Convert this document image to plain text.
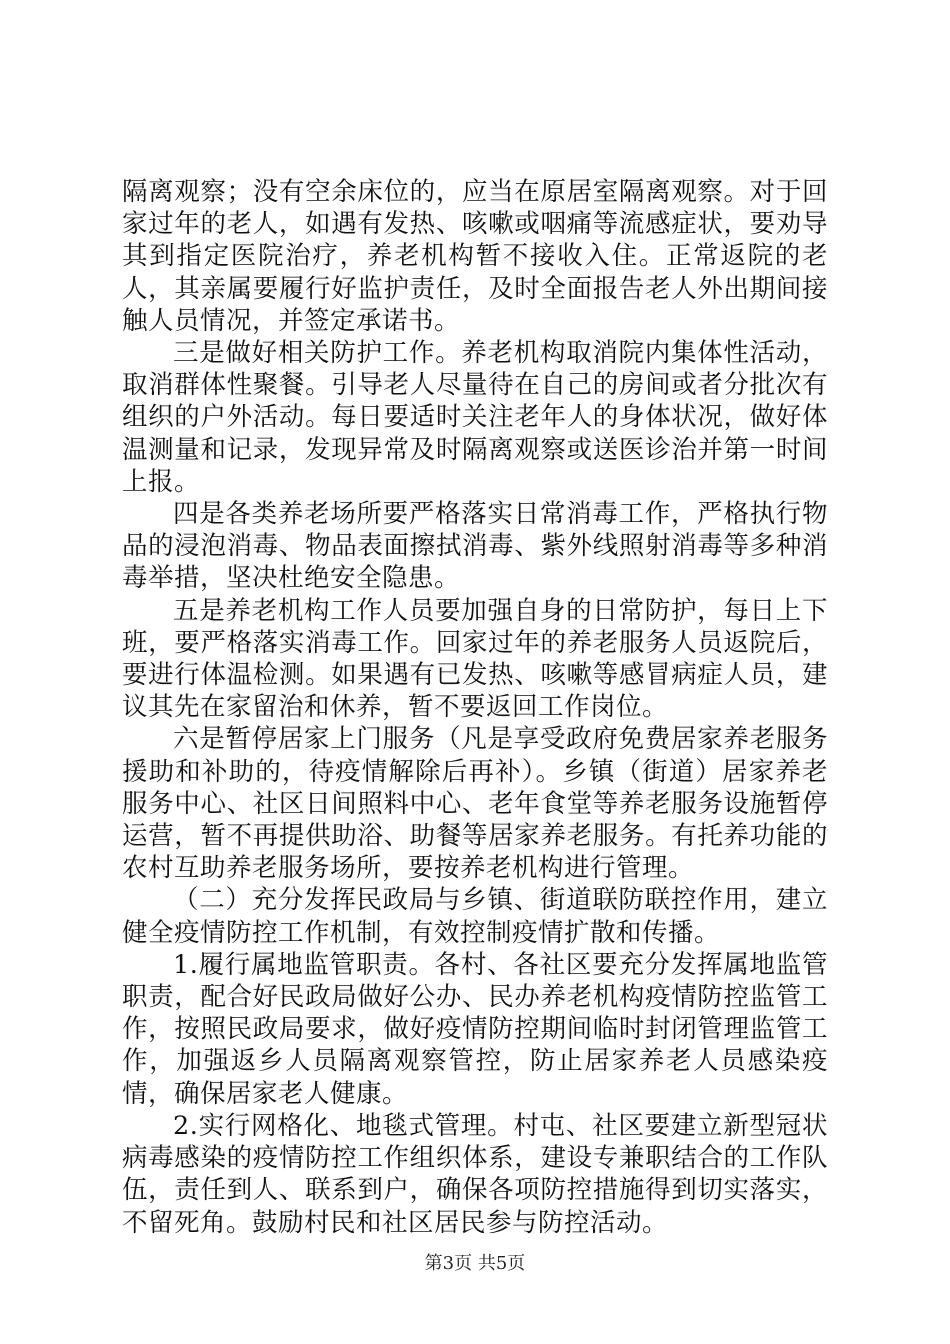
隔离观察；没有空余床位的，应当在原居室隔离观察。对于回家过年的老人，如遇有发热、咳嗽或咽痛等流感症状，要劝导其到指定医院治疗，养老机构暂不接收入住。正常返院的老人，其亲属要履行好监护责任，及时全面报告老人外出期间接触人员情况，并签定承诺书。

三是做好相关防护工作。养老机构取消院内集体性活动，取消群体性聚餐。引导老人尽量待在自己的房间或者分批次有组织的户外活动。每日要适时关注老年人的身体状况，做好体温测量和记录，发现异常及时隔离观察或送医诊治并第一时间上报。

四是各类养老场所要严格落实日常消毒工作，严格执行物品的浸泡消毒、物品表面擦拭消毒、紫外线照射消毒等多种消毒举措，坚决杜绝安全隐患。

五是养老机构工作人员要加强自身的日常防护，每日上下班，要严格落实消毒工作。回家过年的养老服务人员返院后，要进行体温检测。如果遇有已发热、咳嗽等感冒病症人员，建议其先在家留治和休养，暂不要返回工作岗位。

六是暂停居家上门服务（凡是享受政府免费居家养老服务援助和补助的，待疫情解除后再补）。乡镇（街道）居家养老服务中心、社区日间照料中心、老年食堂等养老服务设施暂停运营，暂不再提供助浴、助餐等居家养老服务。有托养功能的农村互助养老服务场所，要按养老机构进行管理。

（二）充分发挥民政局与乡镇、街道联防联控作用，建立健全疫情防控工作机制，有效控制疫情扩散和传播。

1.履行属地监管职责。各村、各社区要充分发挥属地监管职责，配合好民政局做好公办、民办养老机构疫情防控监管工作，按照民政局要求，做好疫情防控期间临时封闭管理监管工作，加强返乡人员隔离观察管控，防止居家养老人员感染疫情，确保居家老人健康。

2.实行网格化、地毯式管理。村屯、社区要建立新型冠状病毒感染的疫情防控工作组织体系，建设专兼职结合的工作队伍，责任到人、联系到户，确保各项防控措施得到切实落实，不留死角。鼓励村民和社区居民参与防控活动。

第3页 共5页
